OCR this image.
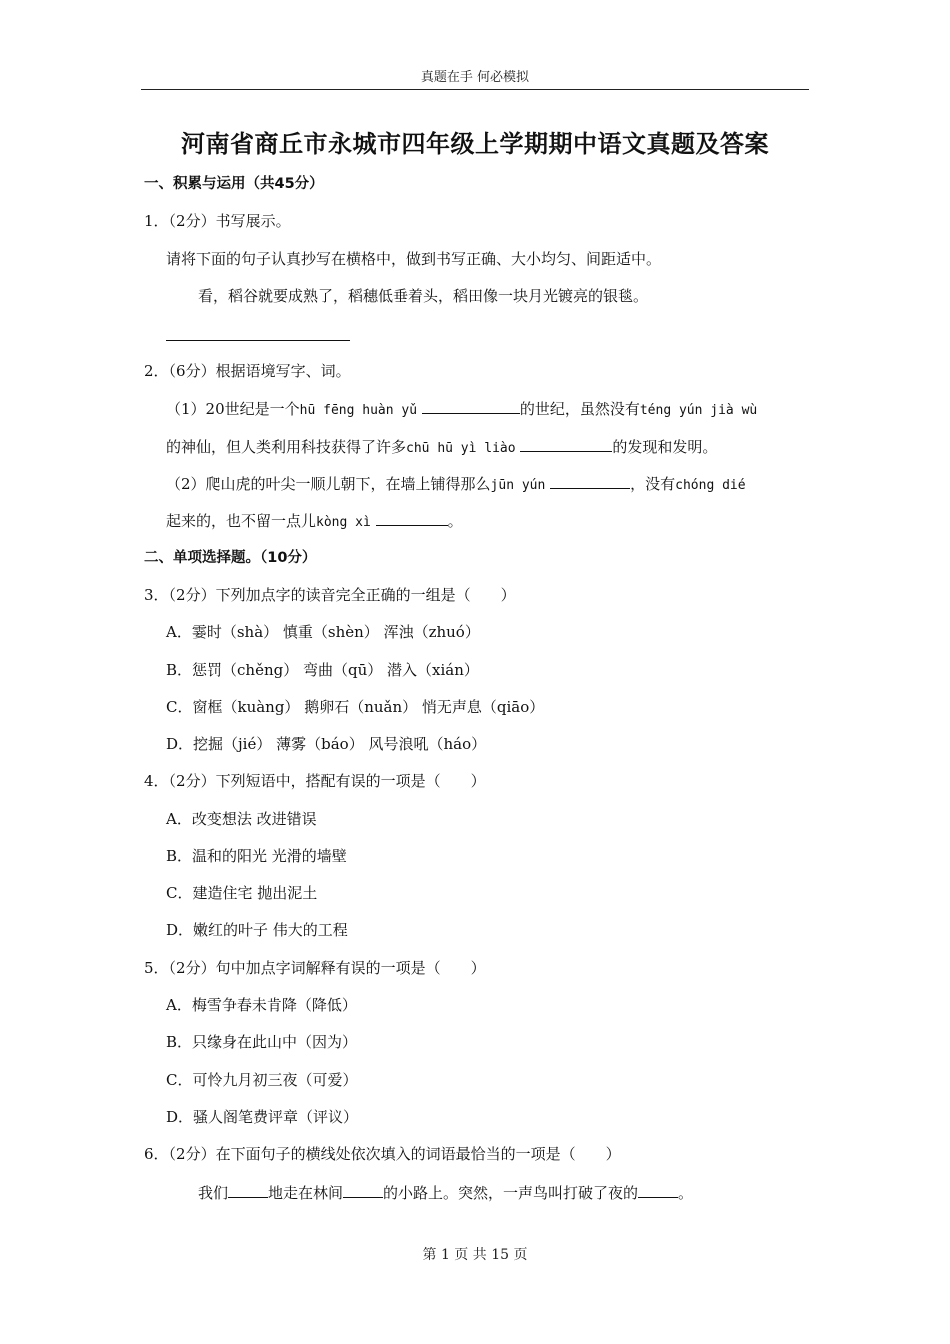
真题在手 何必模拟
河南省商丘市永城市四年级上学期期中语文真题及答案
一、积累与运用（共45分）
1．（2分）书写展示。
请将下面的句子认真抄写在横格中，做到书写正确、大小均匀、间距适中。
看，稻谷就要成熟了，稻穗低垂着头，稻田像一块月光镀亮的银毯。
2．（6分）根据语境写字、词。
（1）20世纪是一个hū fēng huàn yǔ	的世纪，虽然没有téng yún jià wù
的神仙，但人类利用科技获得了许多chū hū yì liào	的发现和发明。
（2）爬山虎的叶尖一顺儿朝下，在墙上铺得那么jūn yún	，没有chóng dié
起来的，也不留一点儿kòng xì	。
二、单项选择题。（10分）
3．（2分）下列加点字的读音完全正确的一组是（　　）
A．霎时（shà） 慎重（shèn） 浑浊（zhuó）
B．惩罚（chěng） 弯曲（qū） 潜入（xián）
C．窗框（kuàng） 鹅卵石（nuǎn） 悄无声息（qiāo）
D．挖掘（jié） 薄雾（báo） 风号浪吼（háo）
4．（2分）下列短语中，搭配有误的一项是（　　）
A．改变想法 改进错误
B．温和的阳光 光滑的墙壁
C．建造住宅 抛出泥土
D．嫩红的叶子 伟大的工程
5．（2分）句中加点字词解释有误的一项是（　　）
A．梅雪争春未肯降（降低）
B．只缘身在此山中（因为）
C．可怜九月初三夜（可爱）
D．骚人阁笔费评章（评议）
6．（2分）在下面句子的横线处依次填入的词语最恰当的一项是（　　）
我们	地走在林间	的小路上。突然，一声鸟叫打破了夜的	。
第 1 页 共 15 页
